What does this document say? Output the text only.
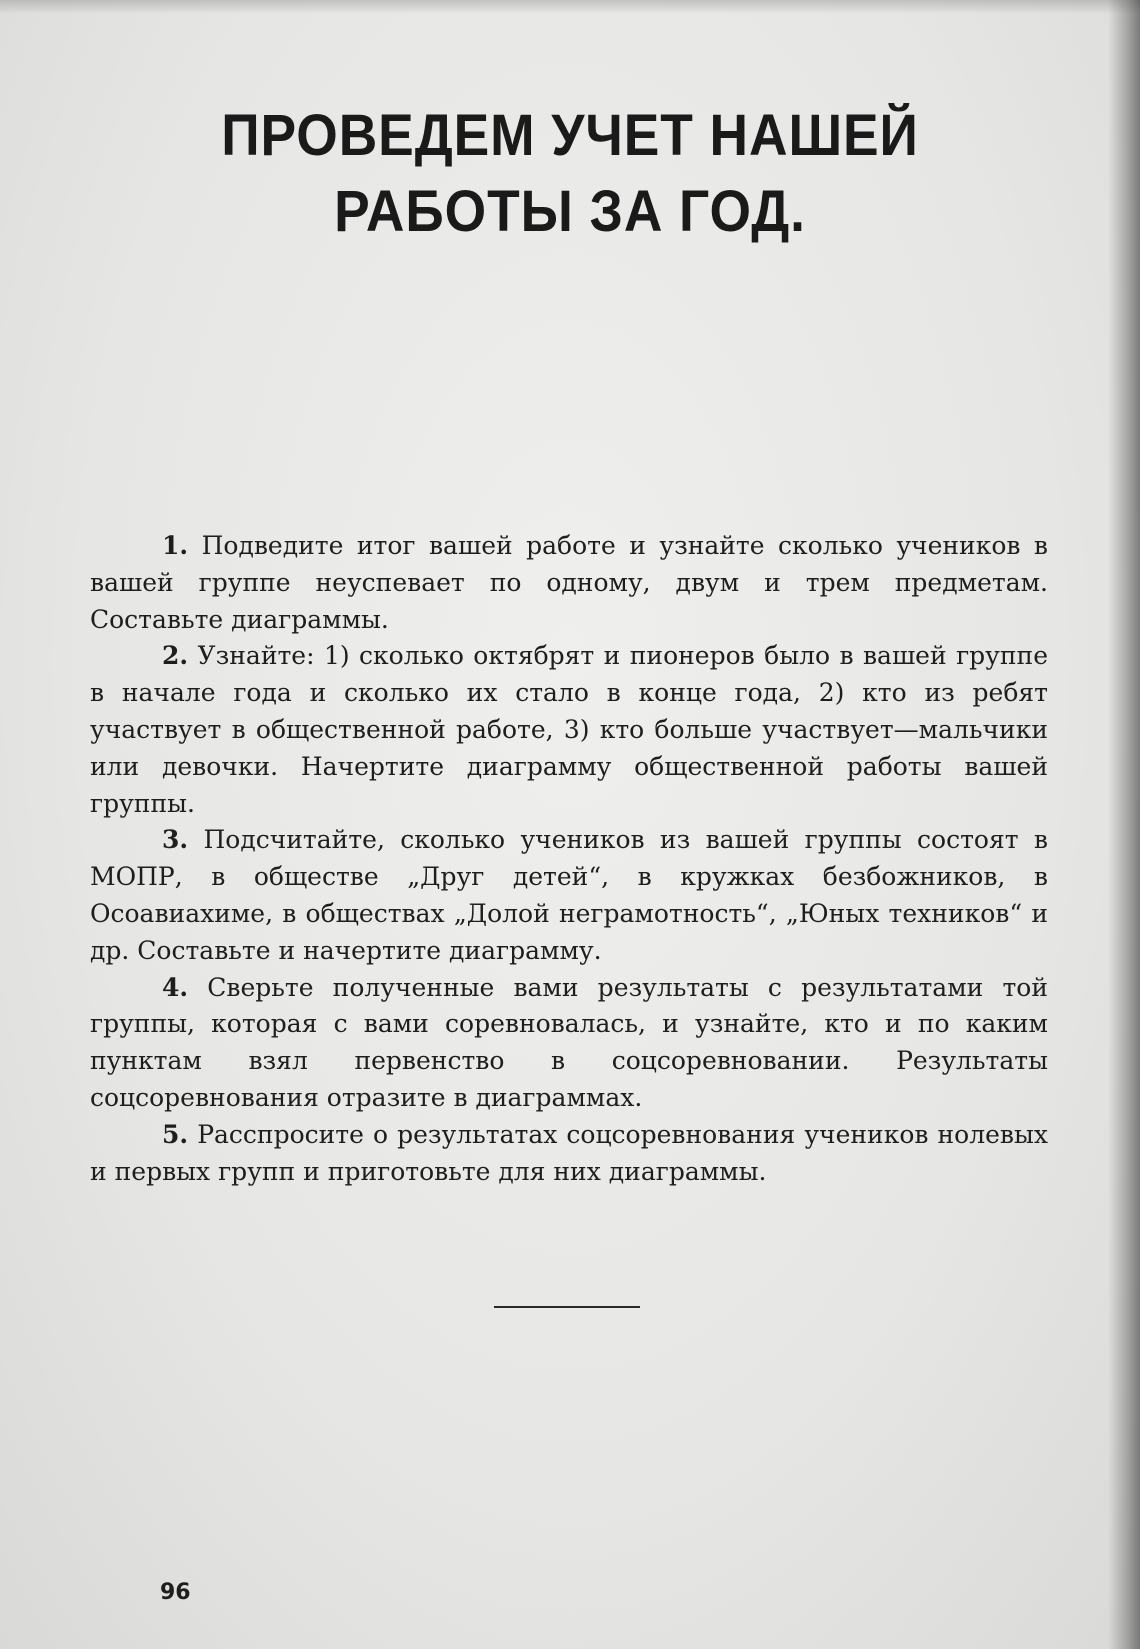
ПРОВЕДЕМ УЧЕТ НАШЕЙ
РАБОТЫ ЗА ГОД.

1. Подведите итог вашей работе и узнайте сколько учеников в вашей группе неуспевает по одному, двум и трем предметам. Составьте диаграммы.

2. Узнайте: 1) сколько октябрят и пионеров было в вашей группе в начале года и сколько их стало в конце года, 2) кто из ребят участвует в общественной работе, 3) кто больше участвует—мальчики или девочки. Начертите диаграмму общественной работы вашей группы.

3. Подсчитайте, сколько учеников из вашей группы состоят в МОПР, в обществе „Друг детей“, в кружках безбожников, в Осоавиахиме, в обществах „Долой неграмотность“, „Юных техников“ и др. Составьте и начертите диаграмму.

4. Сверьте полученные вами результаты с результатами той группы, которая с вами соревновалась, и узнайте, кто и по каким пунктам взял первенство в соцсоревновании. Результаты соцсоревнования отразите в диаграммах.

5. Расспросите о результатах соцсоревнования учеников нолевых и первых групп и приготовьте для них диаграммы.

96
